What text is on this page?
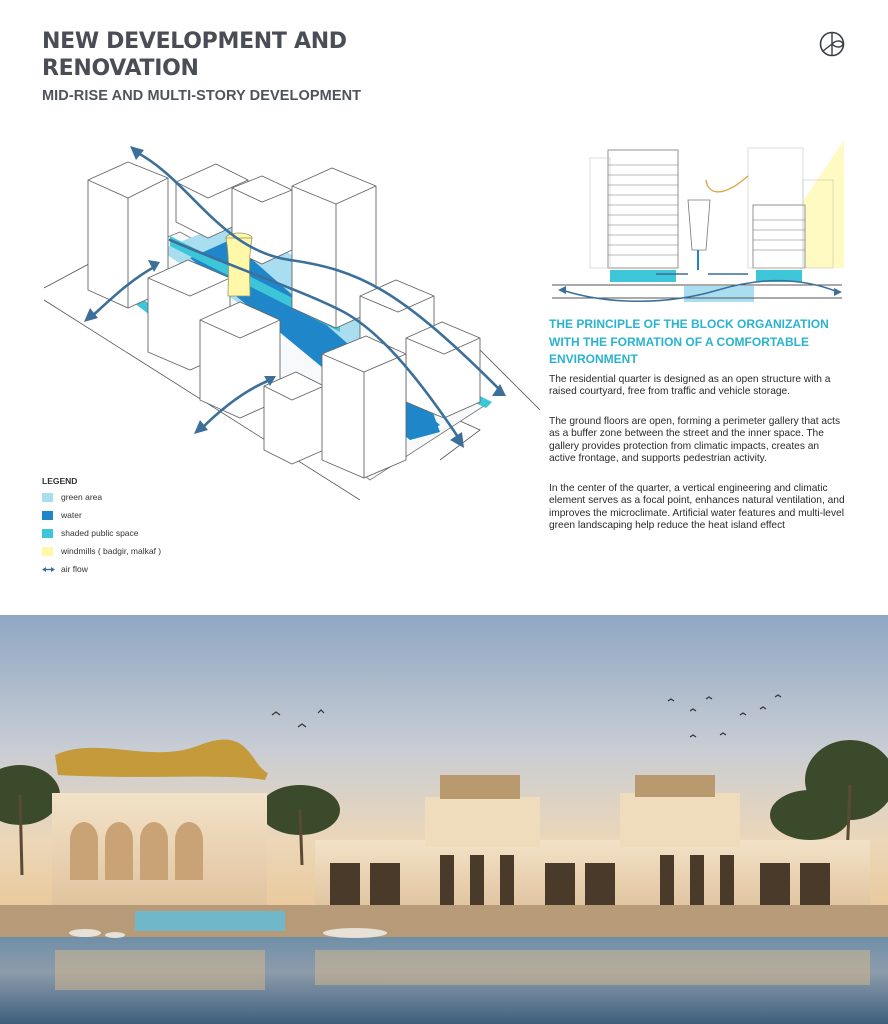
NEW DEVELOPMENT AND RENOVATION
MID-RISE AND MULTI-STORY DEVELOPMENT
THE PRINCIPLE OF THE BLOCK ORGANIZATION WITH THE FORMATION OF A COMFORTABLE ENVIRONMENT

The residential quarter is designed as an open structure with a raised courtyard, free from traffic and vehicle storage.

The ground floors are open, forming a perimeter gallery that acts as a buffer zone between the street and the inner space. The gallery provides protection from climatic impacts, creates an active frontage, and supports pedestrian activity.

In the center of the quarter, a vertical engineering and climatic element serves as a focal point, enhances natural ventilation, and improves the microclimate. Artificial water features and multi-level green landscaping help reduce the heat island effect

LEGEND
green area
water
shaded public space
windmills ( badgir, malkaf )
air flow
